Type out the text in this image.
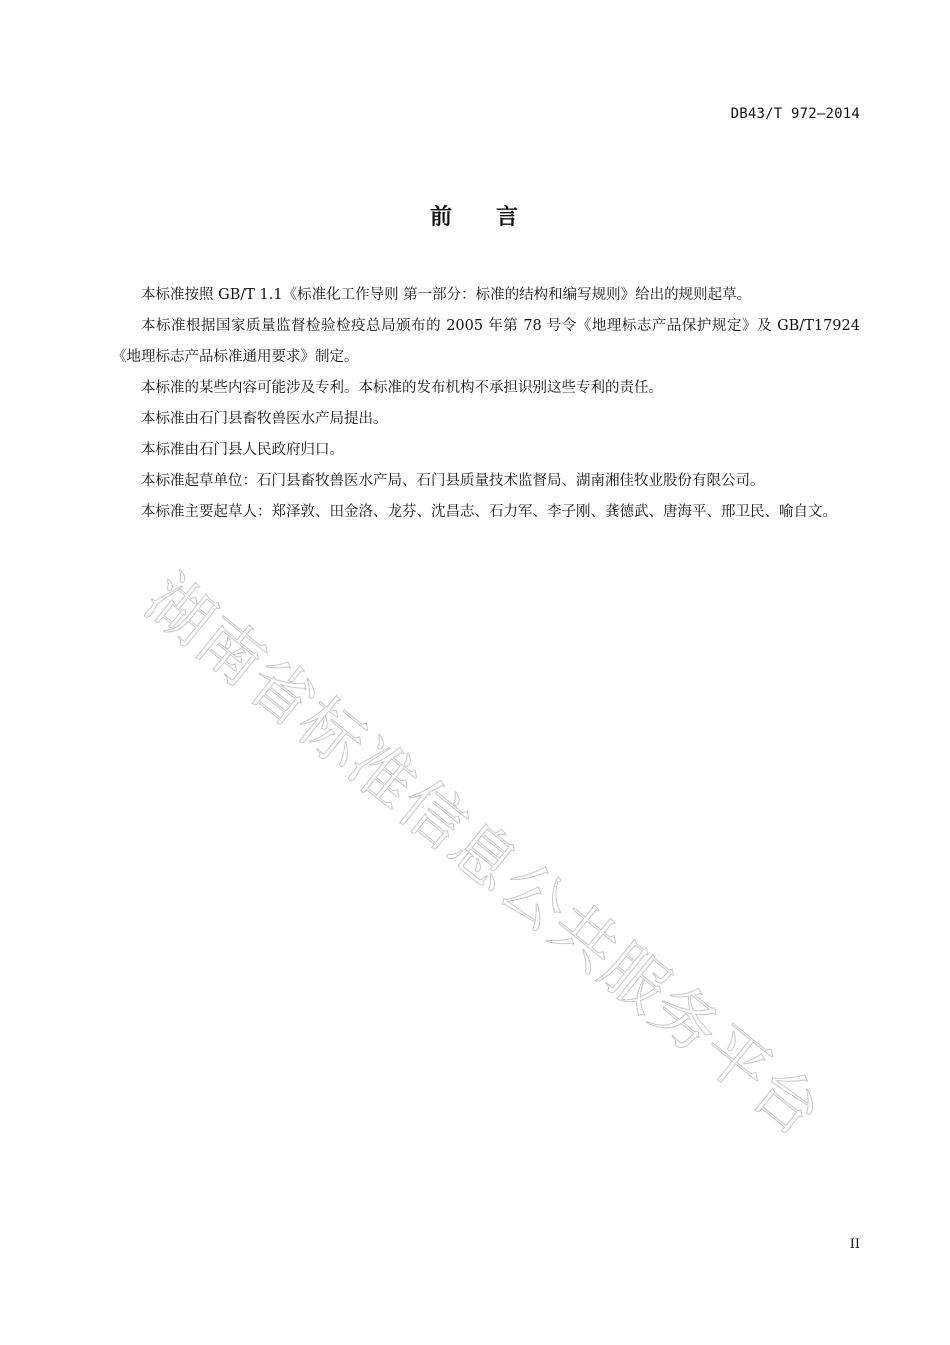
DB43/T 972—2014
前 言

本标准按照 GB/T 1.1《标准化工作导则 第一部分：标准的结构和编写规则》给出的规则起草。

本标准根据国家质量监督检验检疫总局颁布的 2005 年第 78 号令《地理标志产品保护规定》及 GB/T17924《地理标志产品标准通用要求》制定。

本标准的某些内容可能涉及专利。本标准的发布机构不承担识别这些专利的责任。

本标准由石门县畜牧兽医水产局提出。

本标准由石门县人民政府归口。

本标准起草单位：石门县畜牧兽医水产局、石门县质量技术监督局、湖南湘佳牧业股份有限公司。

本标准主要起草人：郑泽敦、田金洛、龙芬、沈昌志、石力军、李子刚、龚德武、唐海平、邢卫民、喻自文。

湖南省标准信息公共服务平台
II
